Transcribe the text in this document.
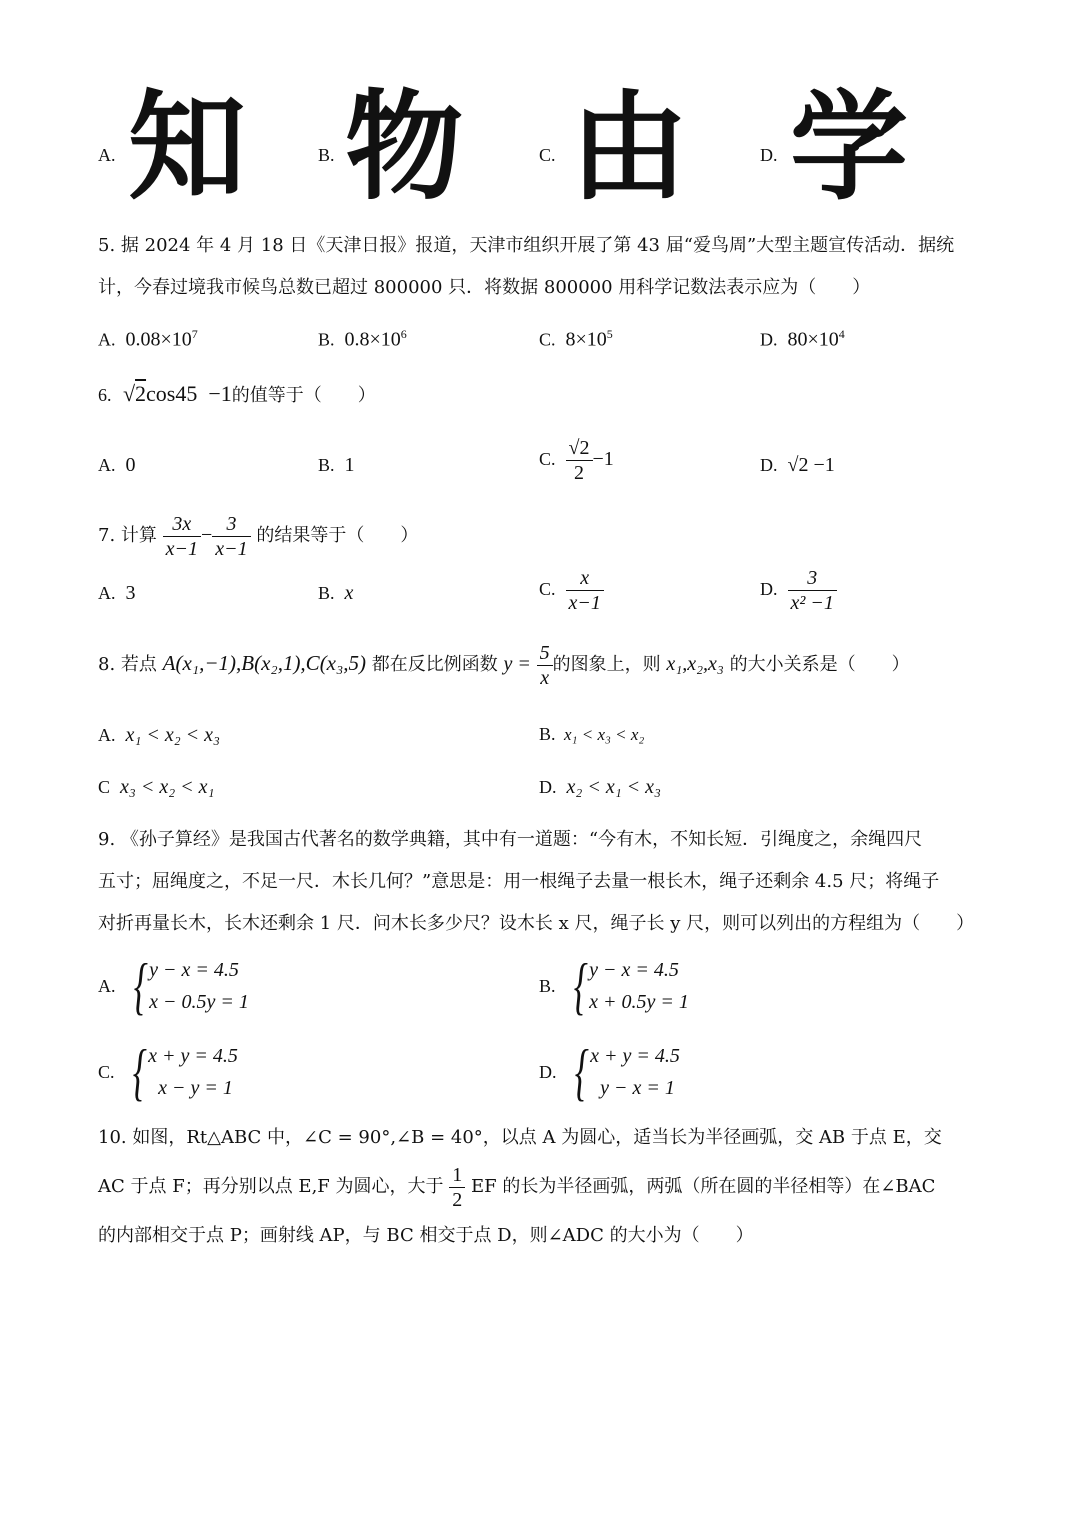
A. 知	B. 物	C. 由	D. 学
5. 据 2024 年 4 月 18 日《天津日报》报道，天津市组织开展了第 43 届“爱鸟周”大型主题宣传活动．据统
计，今春过境我市候鸟总数已超过 800000 只．将数据 800000 用科学记数法表示应为（　　）
A. $0.08\times 10^7$	B. $0.8\times 10^6$	C. $8\times 10^5$	D. $80\times 10^4$
6. √2cos45 −1的值等于（　　）
A. 0	B. 1	C. $\frac{√2}{2} -1$	D. √2 −1
7. 计算 $\frac{3x}{x-1} - \frac{3}{x-1}$ 的结果等于（　　）
A. 3	B. x	C. $\frac{x}{x-1}$	D. $\frac{3}{\text{x² −1}}$
8. 若点 A(x₁,−1),B(x₂,1),C(x₃,5) 都在反比例函数 $y = \frac{5}{x}$ 的图象上，则 x₁,x₂,x₃ 的大小关系是（　　）
A. x₁ < x₂ < x₃	B. x₁ < x₃ < x₂
C x₃ < x₂ < x₁	D. x₂ < x₁ < x₃
9. 《孙子算经》是我国古代著名的数学典籍，其中有一道题：“今有木，不知长短．引绳度之，余绳四尺
五寸；屈绳度之，不足一尺．木长几何？”意思是：用一根绳子去量一根长木，绳子还剩余 4.5 尺；将绳子
对折再量长木，长木还剩余 1 尺．问木长多少尺？设木长 x 尺，绳子长 y 尺，则可以列出的方程组为（　　）
A. { y − x = 4.5
x − 0.5y = 1
B. { y − x = 4.5
x + 0.5y = 1
C. { x + y = 4.5
x − y = 1
D. { x + y = 4.5
y − x = 1
10. 如图，Rt△ABC 中，∠C = 90°,∠B = 40°，以点 A 为圆心，适当长为半径画弧，交 AB 于点 E，交
AC 于点 F；再分别以点 E,F 为圆心，大于 $\frac{1}{2}$ EF 的长为半径画弧，两弧（所在圆的半径相等）在∠BAC
的内部相交于点 P；画射线 AP，与 BC 相交于点 D，则∠ADC 的大小为（　　）
